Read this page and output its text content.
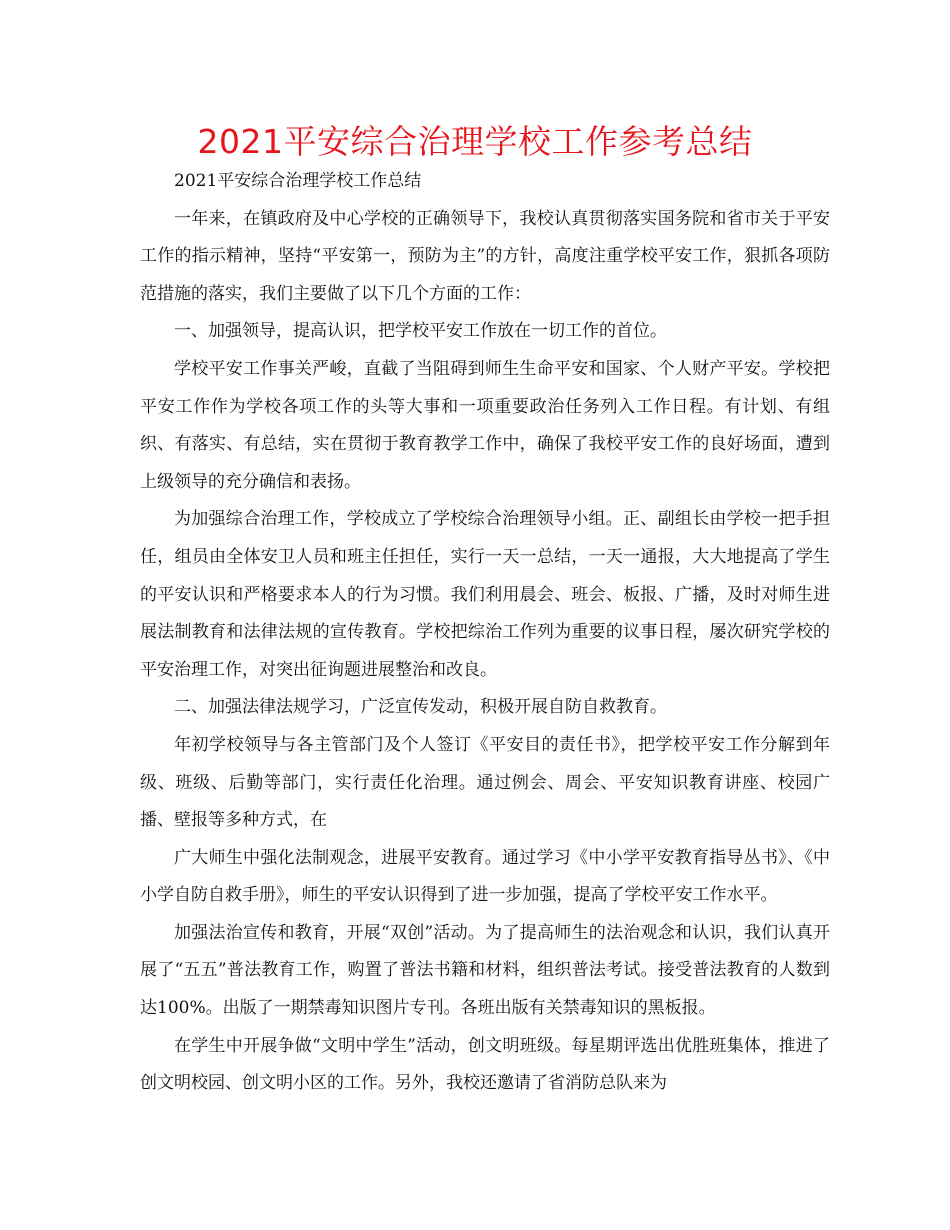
2021平安综合治理学校工作参考总结

2021平安综合治理学校工作总结

一年来，在镇政府及中心学校的正确领导下，我校认真贯彻落实国务院和省市关于平安工作的指示精神，坚持“平安第一，预防为主”的方针，高度注重学校平安工作，狠抓各项防范措施的落实，我们主要做了以下几个方面的工作：

一、加强领导，提高认识，把学校平安工作放在一切工作的首位。

学校平安工作事关严峻，直截了当阻碍到师生生命平安和国家、个人财产平安。学校把平安工作作为学校各项工作的头等大事和一项重要政治任务列入工作日程。有计划、有组织、有落实、有总结，实在贯彻于教育教学工作中，确保了我校平安工作的良好场面，遭到上级领导的充分确信和表扬。

为加强综合治理工作，学校成立了学校综合治理领导小组。正、副组长由学校一把手担任，组员由全体安卫人员和班主任担任，实行一天一总结，一天一通报，大大地提高了学生的平安认识和严格要求本人的行为习惯。我们利用晨会、班会、板报、广播，及时对师生进展法制教育和法律法规的宣传教育。学校把综治工作列为重要的议事日程，屡次研究学校的平安治理工作，对突出征询题进展整治和改良。

二、加强法律法规学习，广泛宣传发动，积极开展自防自救教育。

年初学校领导与各主管部门及个人签订《平安目的责任书》，把学校平安工作分解到年级、班级、后勤等部门，实行责任化治理。通过例会、周会、平安知识教育讲座、校园广播、壁报等多种方式，在

广大师生中强化法制观念，进展平安教育。通过学习《中小学平安教育指导丛书》、《中小学自防自救手册》，师生的平安认识得到了进一步加强，提高了学校平安工作水平。

加强法治宣传和教育，开展“双创”活动。为了提高师生的法治观念和认识，我们认真开展了“五五”普法教育工作，购置了普法书籍和材料，组织普法考试。接受普法教育的人数到达100%。出版了一期禁毒知识图片专刊。各班出版有关禁毒知识的黑板报。

在学生中开展争做“文明中学生”活动，创文明班级。每星期评选出优胜班集体，推进了创文明校园、创文明小区的工作。另外，我校还邀请了省消防总队来为
